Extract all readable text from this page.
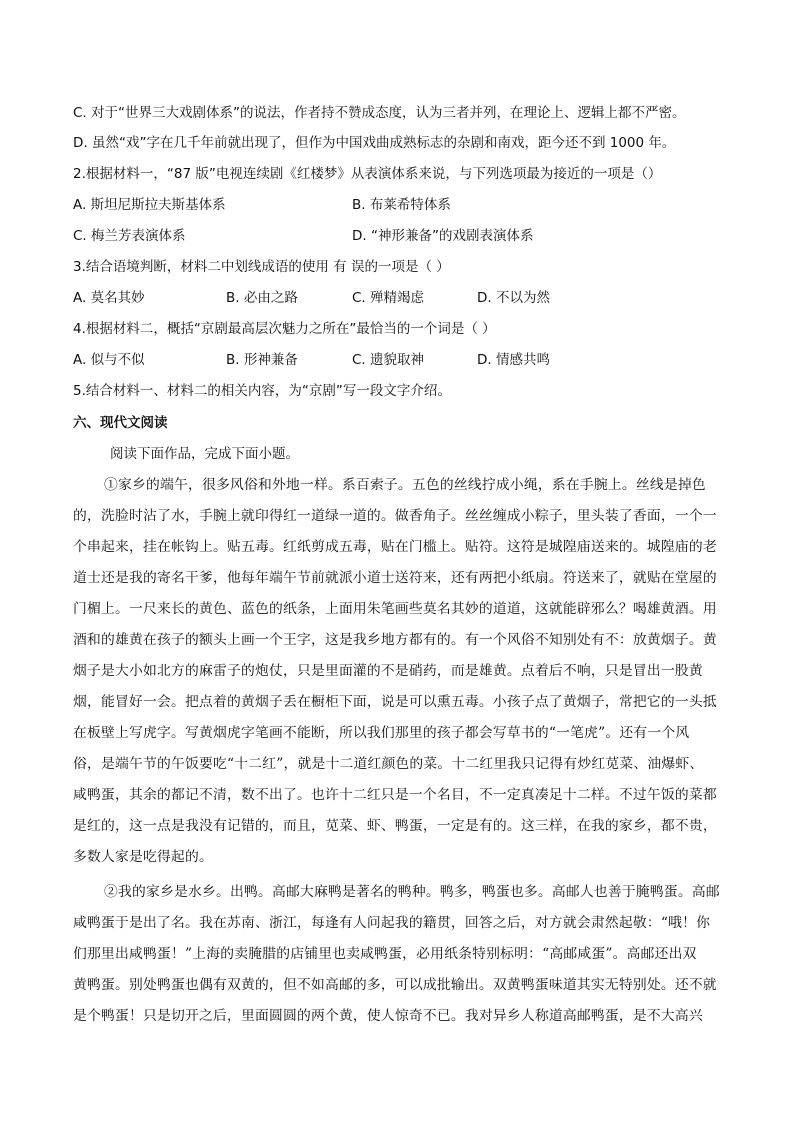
C. 对于“世界三大戏剧体系”的说法，作者持不赞成态度，认为三者并列，在理论上、逻辑上都不严密。
D. 虽然“戏”字在几千年前就出现了，但作为中国戏曲成熟标志的杂剧和南戏，距今还不到 1000 年。
2.根据材料一，“87 版”电视连续剧《红楼梦》从表演体系来说，与下列选项最为接近的一项是（）
A. 斯坦尼斯拉夫斯基体系	B. 布莱希特体系
C. 梅兰芳表演体系	D. “神形兼备”的戏剧表演体系
3.结合语境判断，材料二中划线成语的使用 有 误的一项是（ ）
A. 莫名其妙	B. 必由之路	C. 殚精竭虑	D. 不以为然
4.根据材料二，概括“京剧最高层次魅力之所在”最恰当的一个词是（ ）
A. 似与不似	B. 形神兼备	C. 遗貌取神	D. 情感共鸣
5.结合材料一、材料二的相关内容，为“京剧”写一段文字介绍。
六、现代文阅读
阅读下面作品，完成下面小题。
①家乡的端午，很多风俗和外地一样。系百索子。五色的丝线拧成小绳，系在手腕上。丝线是掉色
的，洗脸时沾了水，手腕上就印得红一道绿一道的。做香角子。丝丝缠成小粽子，里头装了香面，一个一
个串起来，挂在帐钩上。贴五毒。红纸剪成五毒，贴在门槛上。贴符。这符是城隍庙送来的。城隍庙的老
道士还是我的寄名干爹，他每年端午节前就派小道士送符来，还有两把小纸扇。符送来了，就贴在堂屋的
门楣上。一尺来长的黄色、蓝色的纸条，上面用朱笔画些莫名其妙的道道，这就能辟邪么？喝雄黄酒。用
酒和的雄黄在孩子的额头上画一个王字，这是我乡地方都有的。有一个风俗不知别处有不：放黄烟子。黄
烟子是大小如北方的麻雷子的炮仗，只是里面灌的不是硝药，而是雄黄。点着后不响，只是冒出一股黄
烟，能冒好一会。把点着的黄烟子丢在橱柜下面，说是可以熏五毒。小孩子点了黄烟子，常把它的一头抵
在板壁上写虎字。写黄烟虎字笔画不能断，所以我们那里的孩子都会写草书的“一笔虎”。还有一个风
俗，是端午节的午饭要吃“十二红”，就是十二道红颜色的菜。十二红里我只记得有炒红苋菜、油爆虾、
咸鸭蛋，其余的都记不清，数不出了。也许十二红只是一个名目，不一定真凑足十二样。不过午饭的菜都
是红的，这一点是我没有记错的，而且，苋菜、虾、鸭蛋，一定是有的。这三样，在我的家乡，都不贵，
多数人家是吃得起的。
②我的家乡是水乡。出鸭。高邮大麻鸭是著名的鸭种。鸭多，鸭蛋也多。高邮人也善于腌鸭蛋。高邮
咸鸭蛋于是出了名。我在苏南、浙江，每逢有人问起我的籍贯，回答之后，对方就会肃然起敬：“哦！你
们那里出咸鸭蛋！”上海的卖腌腊的店铺里也卖咸鸭蛋，必用纸条特别标明：“高邮咸蛋”。高邮还出双
黄鸭蛋。别处鸭蛋也偶有双黄的，但不如高邮的多，可以成批输出。双黄鸭蛋味道其实无特别处。还不就
是个鸭蛋！只是切开之后，里面圆圆的两个黄，使人惊奇不已。我对异乡人称道高邮鸭蛋，是不大高兴
